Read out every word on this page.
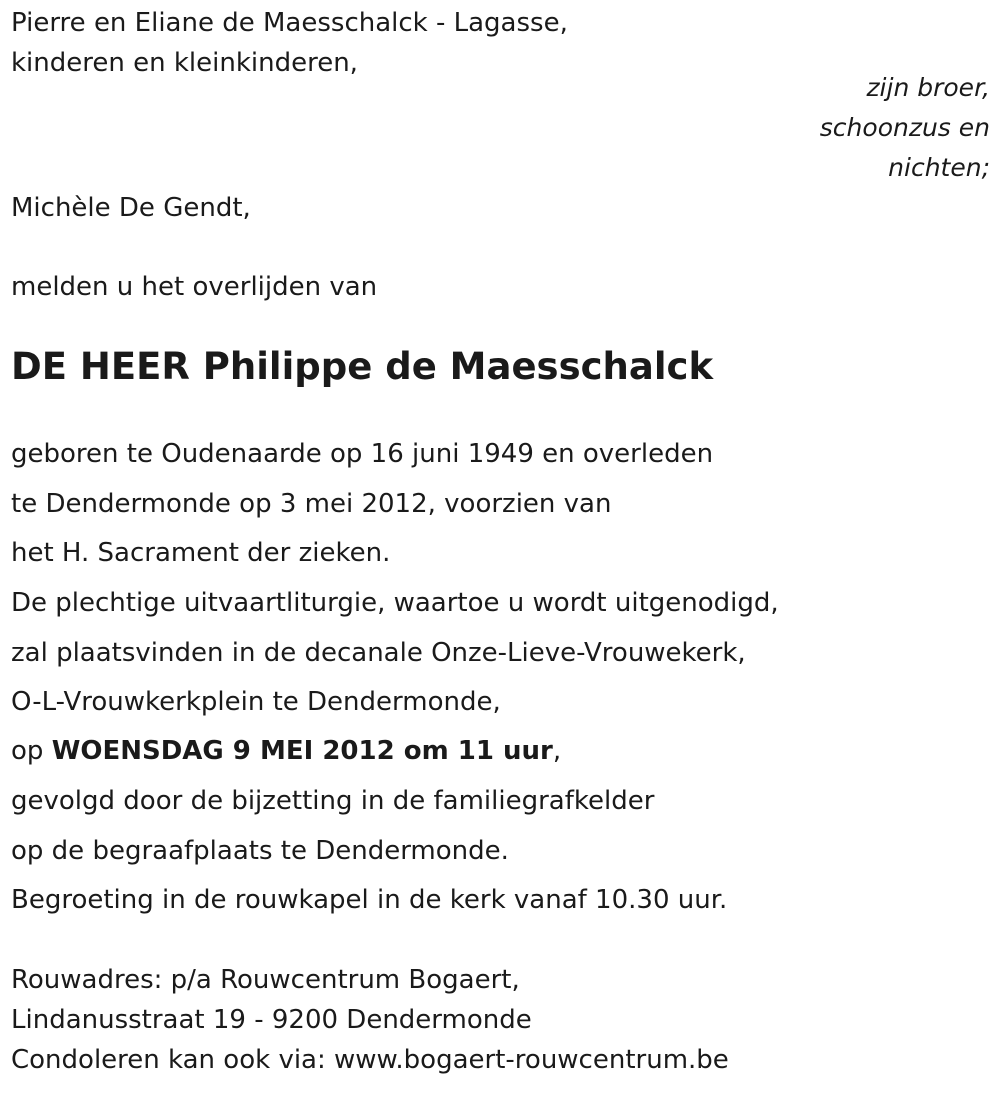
Pierre en Eliane de Maesschalck - Lagasse,

kinderen en kleinkinderen,

zijn broer,
schoonzus en
nichten;

Michèle De Gendt,

melden u het overlijden van

DE HEER Philippe de Maesschalck

geboren te Oudenaarde op 16 juni 1949 en overleden

te Dendermonde op 3 mei 2012, voorzien van

het H. Sacrament der zieken.

De plechtige uitvaartliturgie, waartoe u wordt uitgenodigd,

zal plaatsvinden in de decanale Onze-Lieve-Vrouwekerk,

O-L-Vrouwkerkplein te Dendermonde,

op WOENSDAG 9 MEI 2012 om 11 uur,

gevolgd door de bijzetting in de familiegrafkelder

op de begraafplaats te Dendermonde.

Begroeting in de rouwkapel in de kerk vanaf 10.30 uur.

Rouwadres: p/a Rouwcentrum Bogaert,

Lindanusstraat 19 - 9200 Dendermonde

Condoleren kan ook via: www.bogaert-rouwcentrum.be
